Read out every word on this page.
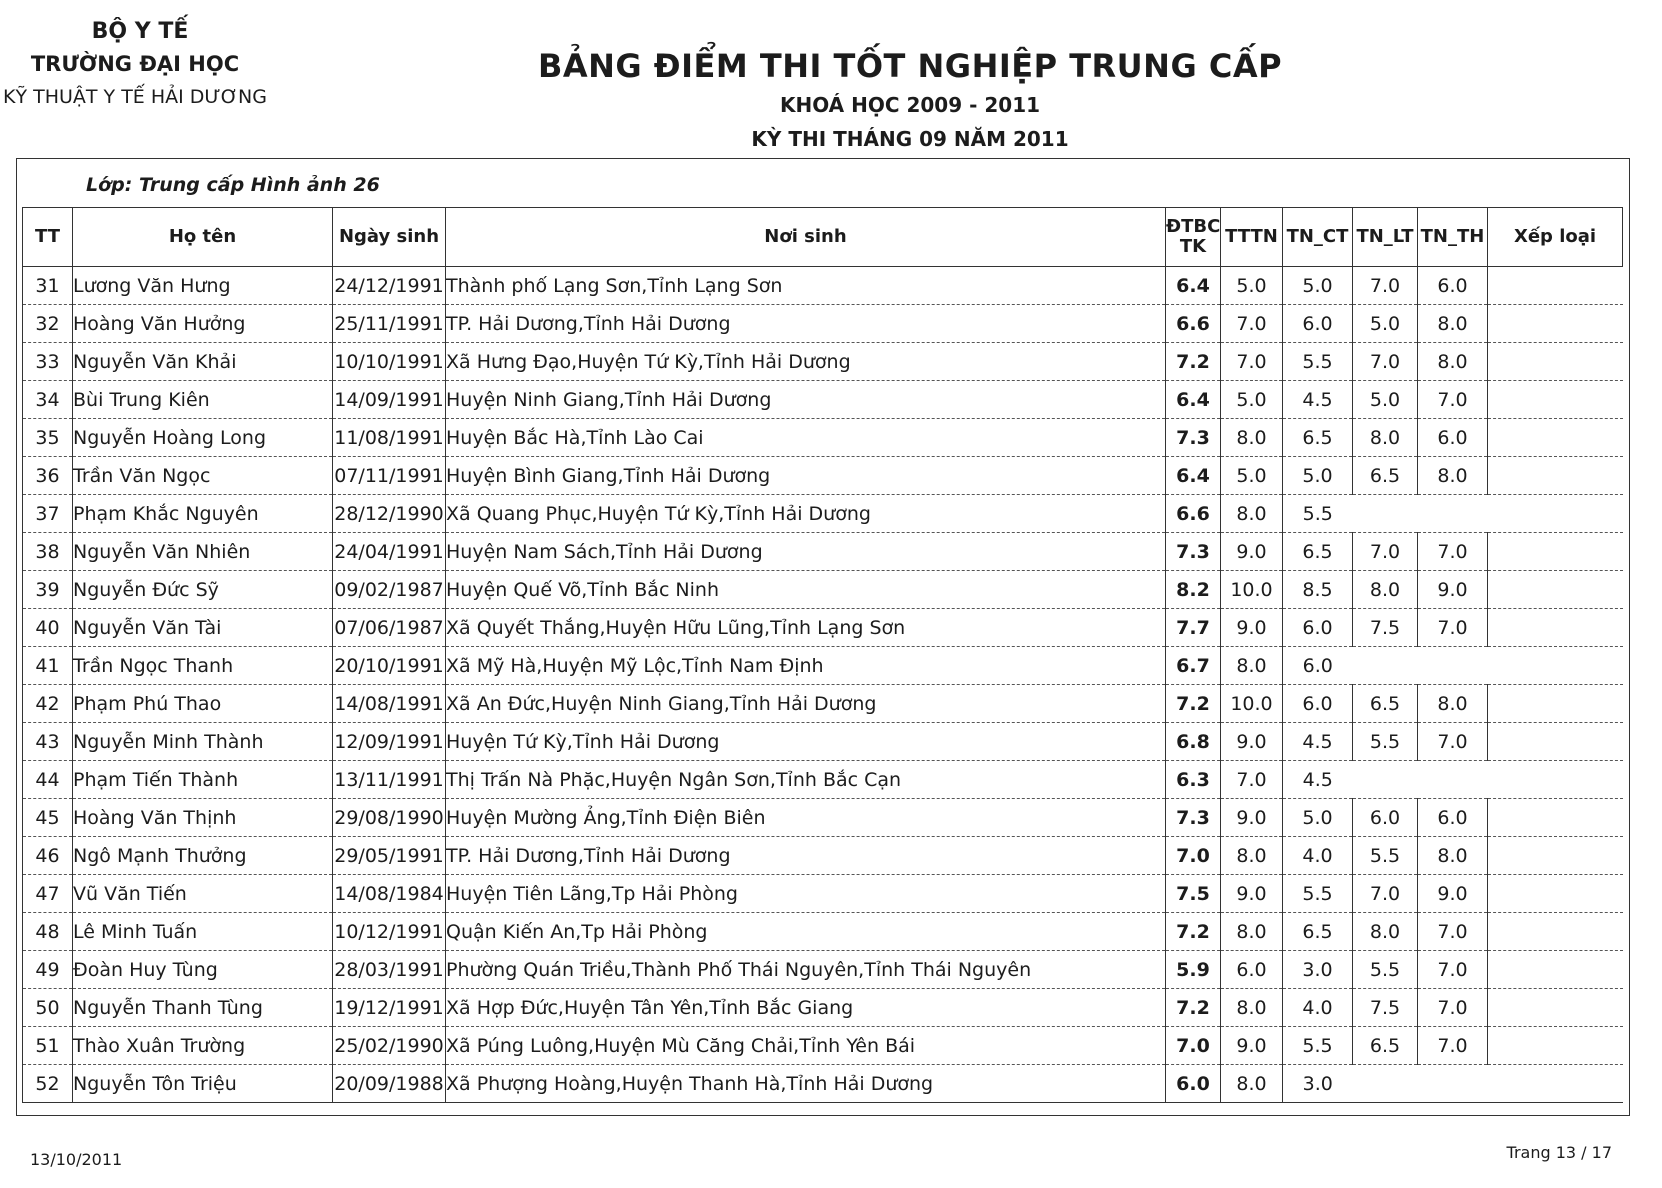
BỘ Y TẾ
TRƯỜNG ĐẠI HỌC
KỸ THUẬT Y TẾ HẢI DƯƠNG
BẢNG ĐIỂM THI TỐT NGHIỆP TRUNG CẤP
KHOÁ HỌC 2009 - 2011
KỲ THI THÁNG 09 NĂM 2011
Lớp: Trung cấp Hình ảnh 26
TT	Họ tên	Ngày sinh	Nơi sinh	ĐTBC TK	TTTN	TN_CT	TN_LT	TN_TH	Xếp loại
31	Lương Văn Hưng	24/12/1991	Thành phố Lạng Sơn,Tỉnh Lạng Sơn	6.4	5.0	5.0	7.0	6.0	
32	Hoàng Văn Hưởng	25/11/1991	TP. Hải Dương,Tỉnh Hải Dương	6.6	7.0	6.0	5.0	8.0	
33	Nguyễn Văn Khải	10/10/1991	Xã Hưng Đạo,Huyện Tứ Kỳ,Tỉnh Hải Dương	7.2	7.0	5.5	7.0	8.0	
34	Bùi Trung Kiên	14/09/1991	Huyện Ninh Giang,Tỉnh Hải Dương	6.4	5.0	4.5	5.0	7.0	
35	Nguyễn Hoàng Long	11/08/1991	Huyện Bắc Hà,Tỉnh Lào Cai	7.3	8.0	6.5	8.0	6.0	
36	Trần Văn Ngọc	07/11/1991	Huyện Bình Giang,Tỉnh Hải Dương	6.4	5.0	5.0	6.5	8.0	
37	Phạm Khắc Nguyên	28/12/1990	Xã Quang Phục,Huyện Tứ Kỳ,Tỉnh Hải Dương	6.6	8.0	5.5			
38	Nguyễn Văn Nhiên	24/04/1991	Huyện Nam Sách,Tỉnh Hải Dương	7.3	9.0	6.5	7.0	7.0	
39	Nguyễn Đức Sỹ	09/02/1987	Huyện Quế Võ,Tỉnh Bắc Ninh	8.2	10.0	8.5	8.0	9.0	
40	Nguyễn Văn Tài	07/06/1987	Xã Quyết Thắng,Huyện Hữu Lũng,Tỉnh Lạng Sơn	7.7	9.0	6.0	7.5	7.0	
41	Trần Ngọc Thanh	20/10/1991	Xã Mỹ Hà,Huyện Mỹ Lộc,Tỉnh Nam Định	6.7	8.0	6.0			
42	Phạm Phú Thao	14/08/1991	Xã An Đức,Huyện Ninh Giang,Tỉnh Hải Dương	7.2	10.0	6.0	6.5	8.0	
43	Nguyễn Minh Thành	12/09/1991	Huyện Tứ Kỳ,Tỉnh Hải Dương	6.8	9.0	4.5	5.5	7.0	
44	Phạm Tiến Thành	13/11/1991	Thị Trấn Nà Phặc,Huyện Ngân Sơn,Tỉnh Bắc Cạn	6.3	7.0	4.5			
45	Hoàng Văn Thịnh	29/08/1990	Huyện Mường Ảng,Tỉnh Điện Biên	7.3	9.0	5.0	6.0	6.0	
46	Ngô Mạnh Thưởng	29/05/1991	TP. Hải Dương,Tỉnh Hải Dương	7.0	8.0	4.0	5.5	8.0	
47	Vũ Văn Tiến	14/08/1984	Huyện Tiên Lãng,Tp Hải Phòng	7.5	9.0	5.5	7.0	9.0	
48	Lê Minh Tuấn	10/12/1991	Quận Kiến An,Tp Hải Phòng	7.2	8.0	6.5	8.0	7.0	
49	Đoàn Huy Tùng	28/03/1991	Phường Quán Triều,Thành Phố Thái Nguyên,Tỉnh Thái Nguyên	5.9	6.0	3.0	5.5	7.0	
50	Nguyễn Thanh Tùng	19/12/1991	Xã Hợp Đức,Huyện Tân Yên,Tỉnh Bắc Giang	7.2	8.0	4.0	7.5	7.0	
51	Thào Xuân Trường	25/02/1990	Xã Púng Luông,Huyện Mù Căng Chải,Tỉnh Yên Bái	7.0	9.0	5.5	6.5	7.0	
52	Nguyễn Tôn Triệu	20/09/1988	Xã Phượng Hoàng,Huyện Thanh Hà,Tỉnh Hải Dương	6.0	8.0	3.0			
13/10/2011	Trang 13 / 17
